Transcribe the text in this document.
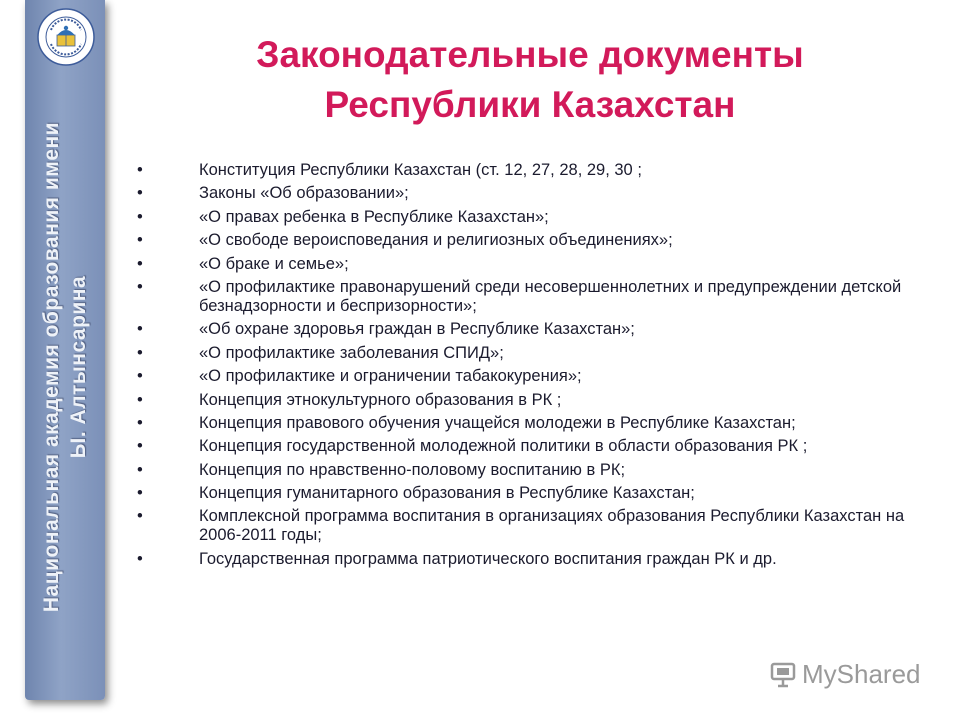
Национальная академия образования имени Ы. Алтынсарина
Законодательные документы
Республики Казахстан
•	Конституция Республики Казахстан (ст. 12, 27, 28, 29, 30 ;
•	Законы «Об образовании»;
•	«О правах ребенка в Республике Казахстан»;
•	«О свободе вероисповедания и религиозных объединениях»;
•	«О браке и семье»;
•	«О профилактике правонарушений среди несовершеннолетних и предупреждении детской безнадзорности и беспризорности»;
•	«Об охране здоровья граждан в Республике Казахстан»;
•	«О профилактике заболевания СПИД»;
•	«О профилактике и ограничении табакокурения»;
•	Концепция этнокультурного образования в РК ;
•	Концепция правового обучения учащейся молодежи в Республике Казахстан;
•	Концепция государственной молодежной политики в области образования РК ;
•	Концепция по нравственно-половому воспитанию в РК;
•	Концепция гуманитарного образования в Республике Казахстан;
•	Комплексной программа воспитания в организациях образования Республики Казахстан на 2006-2011 годы;
•	Государственная программа патриотического воспитания граждан РК и др.
MyShared
